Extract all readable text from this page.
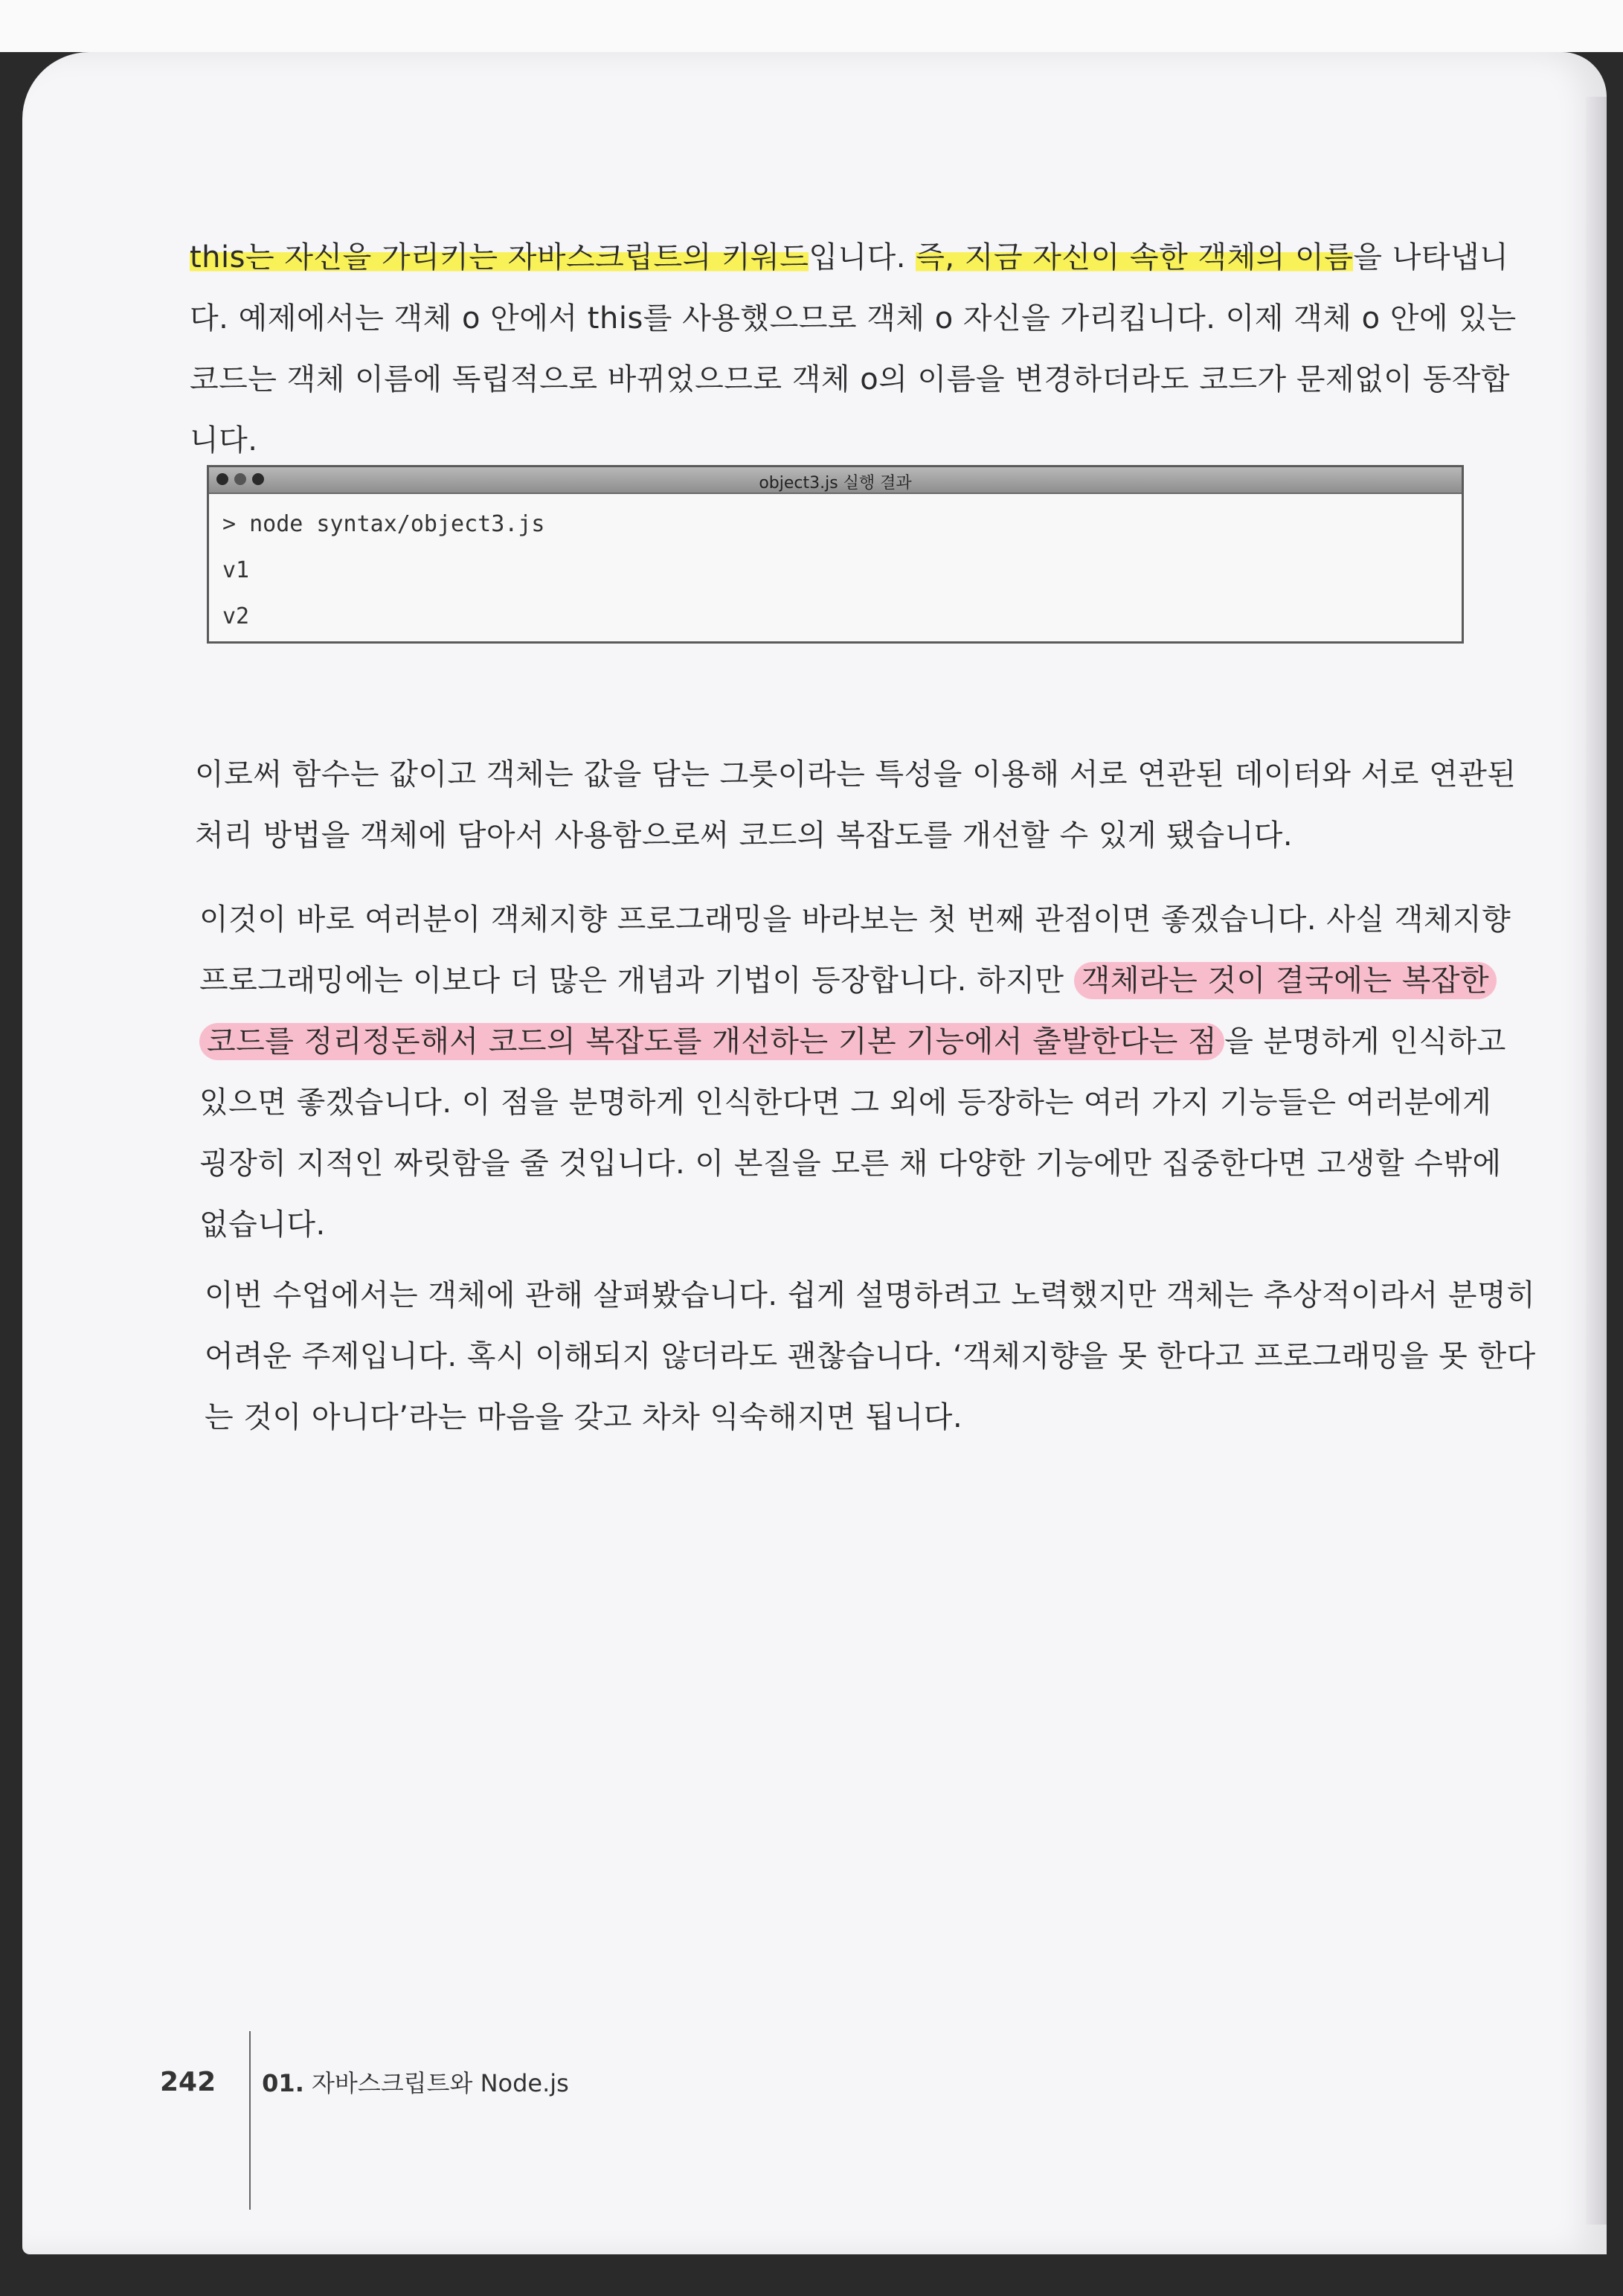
this는 자신을 가리키는 자바스크립트의 키워드입니다. 즉, 지금 자신이 속한 객체의 이름을 나타냅니
다. 예제에서는 객체 o 안에서 this를 사용했으므로 객체 o 자신을 가리킵니다. 이제 객체 o 안에 있는
코드는 객체 이름에 독립적으로 바뀌었으므로 객체 o의 이름을 변경하더라도 코드가 문제없이 동작합
니다.
object3.js 실행 결과
> node syntax/object3.js
v1
v2
이로써 함수는 값이고 객체는 값을 담는 그릇이라는 특성을 이용해 서로 연관된 데이터와 서로 연관된
처리 방법을 객체에 담아서 사용함으로써 코드의 복잡도를 개선할 수 있게 됐습니다.
이것이 바로 여러분이 객체지향 프로그래밍을 바라보는 첫 번째 관점이면 좋겠습니다. 사실 객체지향
프로그래밍에는 이보다 더 많은 개념과 기법이 등장합니다. 하지만 객체라는 것이 결국에는 복잡한
코드를 정리정돈해서 코드의 복잡도를 개선하는 기본 기능에서 출발한다는 점 을 분명하게 인식하고
있으면 좋겠습니다. 이 점을 분명하게 인식한다면 그 외에 등장하는 여러 가지 기능들은 여러분에게
굉장히 지적인 짜릿함을 줄 것입니다. 이 본질을 모른 채 다양한 기능에만 집중한다면 고생할 수밖에
없습니다.
이번 수업에서는 객체에 관해 살펴봤습니다. 쉽게 설명하려고 노력했지만 객체는 추상적이라서 분명히
어려운 주제입니다. 혹시 이해되지 않더라도 괜찮습니다. ‘객체지향을 못 한다고 프로그래밍을 못 한다
는 것이 아니다’라는 마음을 갖고 차차 익숙해지면 됩니다.
242	01. 자바스크립트와 Node.js
